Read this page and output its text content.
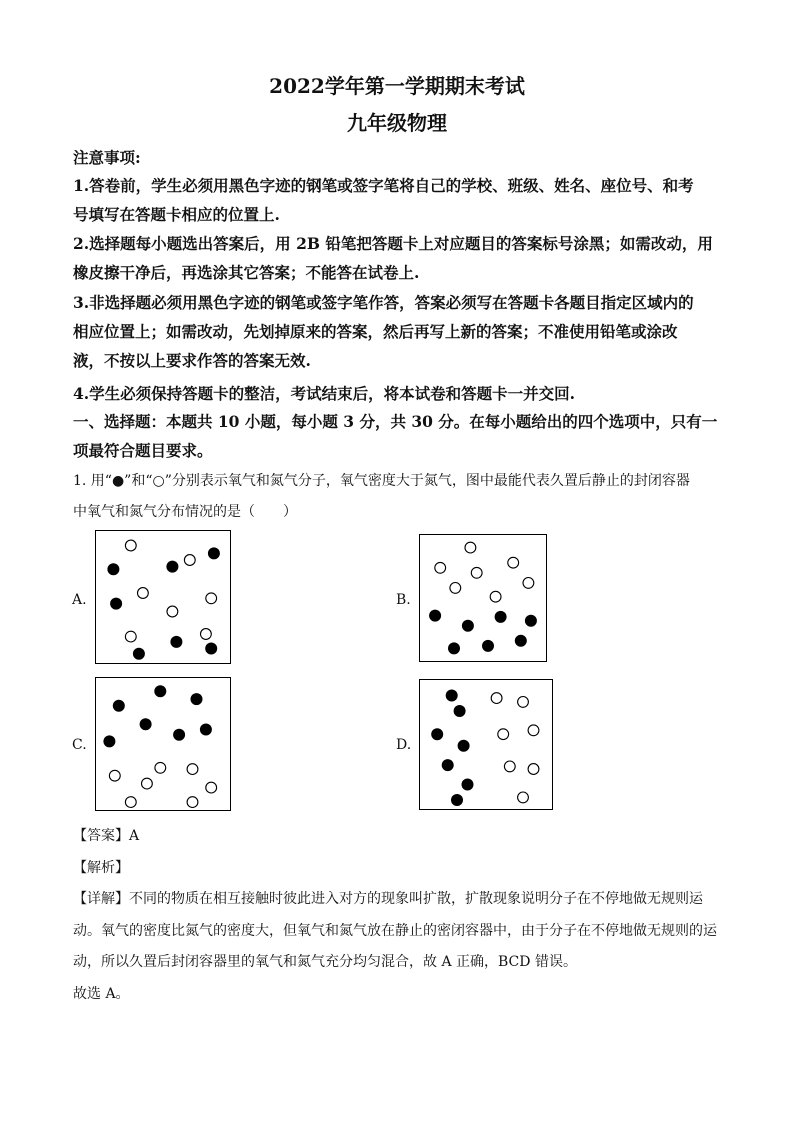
2022学年第一学期期末考试
九年级物理
注意事项:
1.答卷前，学生必须用黑色字迹的钢笔或签字笔将自己的学校、班级、姓名、座位号、和考
号填写在答题卡相应的位置上.
2.选择题每小题选出答案后，用 2B 铅笔把答题卡上对应题目的答案标号涂黑；如需改动，用
橡皮擦干净后，再选涂其它答案；不能答在试卷上.
3.非选择题必须用黑色字迹的钢笔或签字笔作答，答案必须写在答题卡各题目指定区域内的
相应位置上；如需改动，先划掉原来的答案，然后再写上新的答案；不准使用铅笔或涂改
液，不按以上要求作答的答案无效.
4.学生必须保持答题卡的整洁，考试结束后，将本试卷和答题卡一并交回.
一、选择题：本题共 10 小题，每小题 3 分，共 30 分。在每小题给出的四个选项中，只有一
项最符合题目要求。
1. 用“●”和“○”分别表示氧气和氮气分子，氧气密度大于氮气，图中最能代表久置后静止的封闭容器
中氧气和氮气分布情况的是（　　）
A.	B.
C.	D.
【答案】A
【解析】
【详解】不同的物质在相互接触时彼此进入对方的现象叫扩散，扩散现象说明分子在不停地做无规则运
动。氧气的密度比氮气的密度大，但氧气和氮气放在静止的密闭容器中，由于分子在不停地做无规则的运
动，所以久置后封闭容器里的氧气和氮气充分均匀混合，故 A 正确，BCD 错误。
故选 A。
